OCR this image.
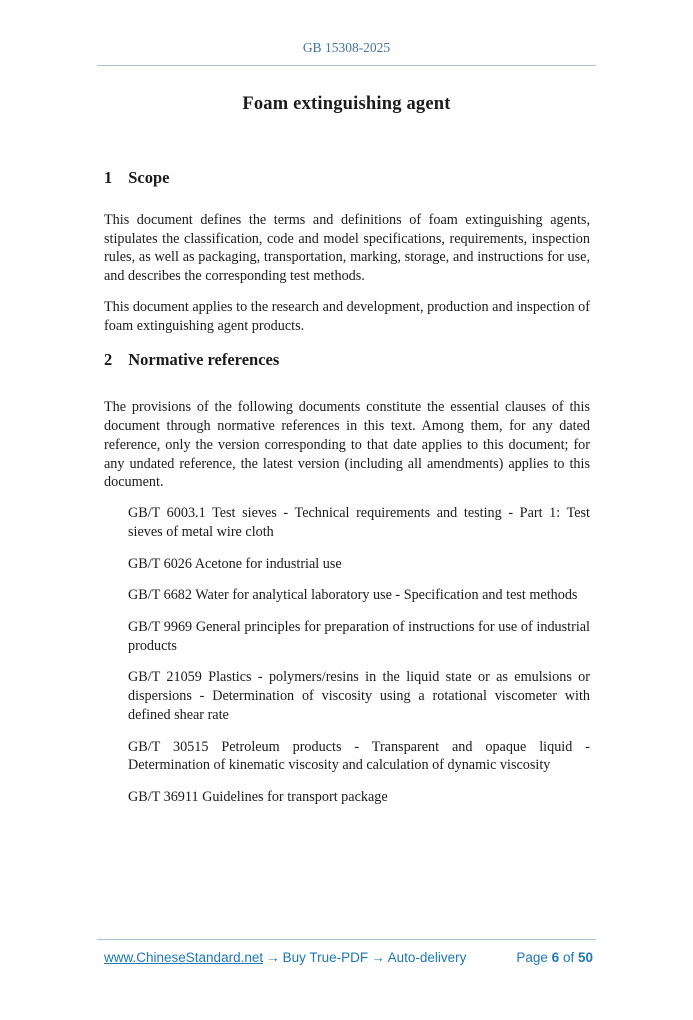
GB 15308-2025
Foam extinguishing agent
1 Scope

This document defines the terms and definitions of foam extinguishing agents, stipulates the classification, code and model specifications, requirements, inspection rules, as well as packaging, transportation, marking, storage, and instructions for use, and describes the corresponding test methods.

This document applies to the research and development, production and inspection of foam extinguishing agent products.

2 Normative references

The provisions of the following documents constitute the essential clauses of this document through normative references in this text. Among them, for any dated reference, only the version corresponding to that date applies to this document; for any undated reference, the latest version (including all amendments) applies to this document.

GB/T 6003.1 Test sieves - Technical requirements and testing - Part 1: Test sieves of metal wire cloth

GB/T 6026 Acetone for industrial use

GB/T 6682 Water for analytical laboratory use - Specification and test methods

GB/T 9969 General principles for preparation of instructions for use of industrial products

GB/T 21059 Plastics - polymers/resins in the liquid state or as emulsions or dispersions - Determination of viscosity using a rotational viscometer with defined shear rate

GB/T 30515 Petroleum products - Transparent and opaque liquid - Determination of kinematic viscosity and calculation of dynamic viscosity

GB/T 36911 Guidelines for transport package

www.ChineseStandard.net → Buy True-PDF → Auto-delivery	Page 6 of 50
